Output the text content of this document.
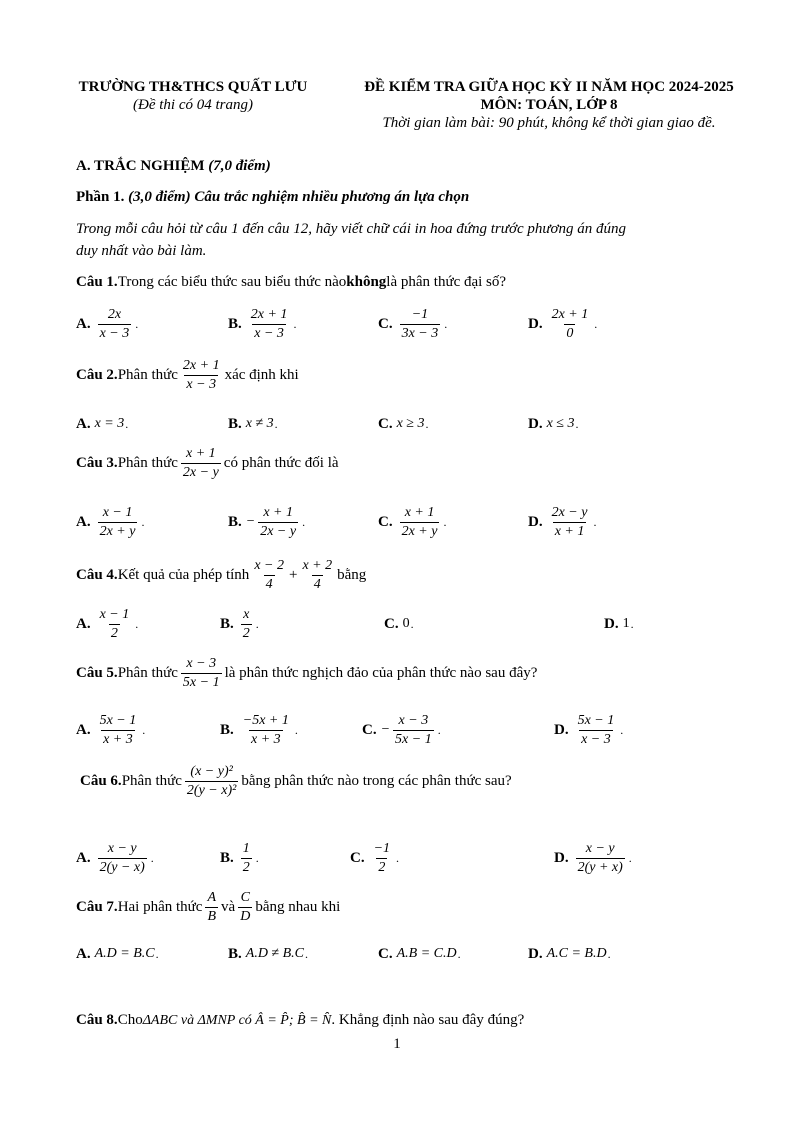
TRƯỜNG TH&THCS QUẤT LƯU
(Đề thi có 04 trang)
ĐỀ KIỂM TRA GIỮA HỌC KỲ II NĂM HỌC 2024-2025
MÔN: TOÁN, LỚP 8
Thời gian làm bài: 90 phút, không kể thời gian giao đề.
A. TRẮC NGHIỆM (7,0 điểm)
Phần 1. (3,0 điểm) Câu trắc nghiệm nhiều phương án lựa chọn
Trong mỗi câu hỏi từ câu 1 đến câu 12, hãy viết chữ cái in hoa đứng trước phương án đúng
duy nhất vào bài làm.
Câu 1. Trong các biểu thức sau biểu thức nào không là phân thức đại số?
A. $\frac{2x}{x - 3}$ .	B. $\frac{2x + 1}{x - 3}$ .	C. $\frac{-1}{3x - 3}$ .	D. $\frac{2x + 1}{0}$ .
Câu 2. Phân thức $\frac{2x + 1}{x - 3}$ xác định khi
A. x = 3 .	B. x ≠ 3 .	C. x ≥ 3 .	D. x ≤ 3 .
Câu 3. Phân thức $\frac{x + 1}{2x - y}$ có phân thức đối là
A. $\frac{x - 1}{2x + y}$ .	B. − $\frac{x + 1}{2x - y}$ .	C. $\frac{x + 1}{2x + y}$ .	D. $\frac{2x - y}{x + 1}$ .
Câu 4. Kết quả của phép tính $\frac{x - 2}{4} + \frac{x + 2}{4}$ bằng
A. $\frac{x - 1}{2}$ .	B. $\frac{x}{2}$ .	C. 0 .	D. 1 .
Câu 5. Phân thức $\frac{x - 3}{5x - 1}$ là phân thức nghịch đảo của phân thức nào sau đây?
A. $\frac{5x - 1}{x + 3}$ .	B. $\frac{-5x + 1}{x + 3}$ .	C. − $\frac{x - 3}{5x - 1}$ .	D. $\frac{5x - 1}{x - 3}$ .
Câu 6. Phân thức $\frac{\text{(x − y)²}}{\text{2(y − x)²}}$ bằng phân thức nào trong các phân thức sau?
A. $\frac{x - y}{2(y - x)}$ .	B. $\frac{1}{2}$ .	C. $\frac{-1}{2}$ .	D. $\frac{x - y}{2(y + x)}$ .
Câu 7. Hai phân thức $\frac{A}{B}$ và $\frac{C}{D}$ bằng nhau khi
A. A.D = B.C .	B. A.D ≠ B.C .	C. A.B = C.D .	D. A.C = B.D .
Câu 8. Cho ΔABC và ΔMNP có Â = P̂; B̂ = N̂ . Khẳng định nào sau đây đúng?
1
